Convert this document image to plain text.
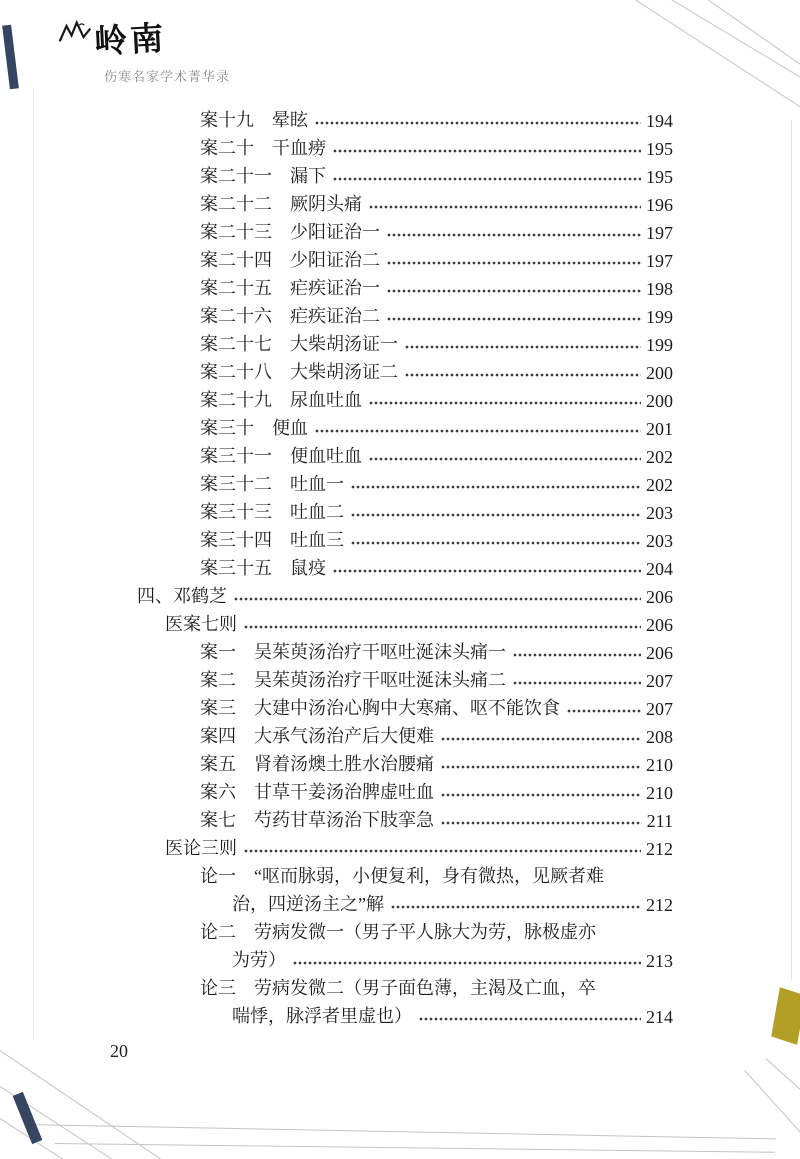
岭南
伤寒名家学术菁华录
案十九　晕眩	194
案二十　干血痨	195
案二十一　漏下	195
案二十二　厥阴头痛	196
案二十三　少阳证治一	197
案二十四　少阳证治二	197
案二十五　疟疾证治一	198
案二十六　疟疾证治二	199
案二十七　大柴胡汤证一	199
案二十八　大柴胡汤证二	200
案二十九　尿血吐血	200
案三十　便血	201
案三十一　便血吐血	202
案三十二　吐血一	202
案三十三　吐血二	203
案三十四　吐血三	203
案三十五　鼠疫	204
四、邓鹤芝	206
医案七则	206
案一　吴茱萸汤治疗干呕吐涎沫头痛一	206
案二　吴茱萸汤治疗干呕吐涎沫头痛二	207
案三　大建中汤治心胸中大寒痛、呕不能饮食	207
案四　大承气汤治产后大便难	208
案五　肾着汤燠土胜水治腰痛	210
案六　甘草干姜汤治脾虚吐血	210
案七　芍药甘草汤治下肢挛急	211
医论三则	212
论一　“呕而脉弱，小便复利，身有微热，见厥者难
治，四逆汤主之”解	212
论二　劳病发微一（男子平人脉大为劳，脉极虚亦
为劳）	213
论三　劳病发微二（男子面色薄，主渴及亡血，卒
喘悸，脉浮者里虚也）	214
20
